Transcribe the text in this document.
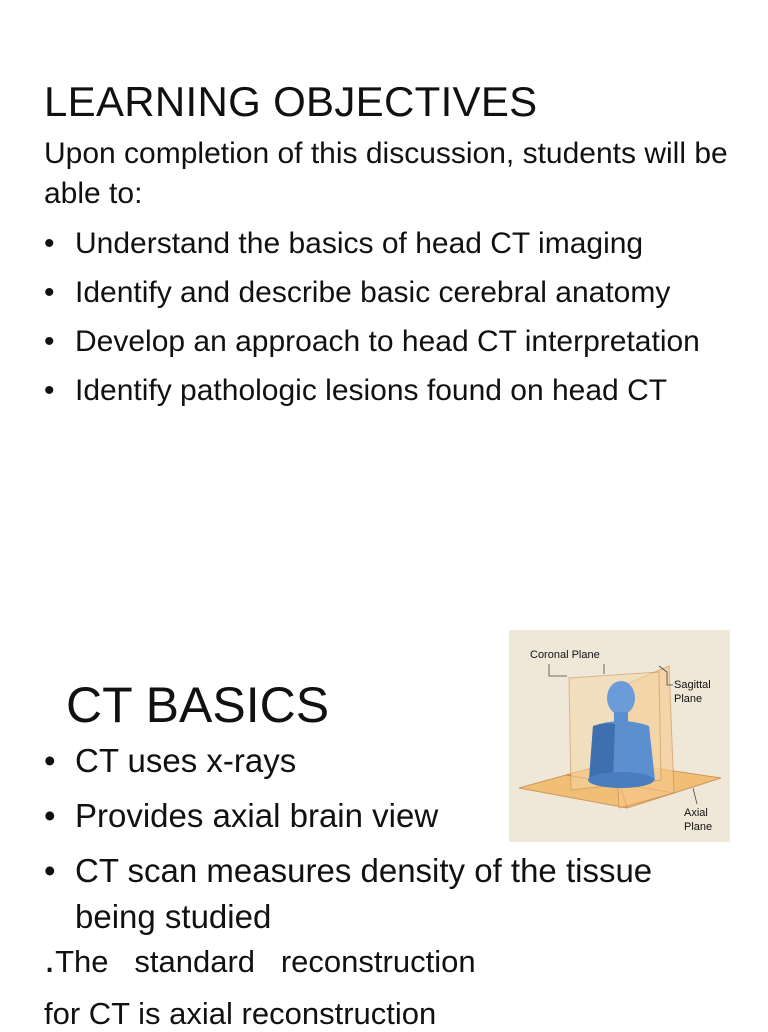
LEARNING OBJECTIVES
Upon completion of this discussion, students will be able to:
• Understand the basics of head CT imaging
• Identify and describe basic cerebral anatomy
• Develop an approach to head CT interpretation
• Identify pathologic lesions found on head CT
CT BASICS
• CT uses x-rays
• Provides axial brain view
• CT scan measures density of the tissue being studied
.The   standard   reconstruction
for CT is axial reconstruction
Coronal Plane
Sagittal
Plane
Axial
Plane
